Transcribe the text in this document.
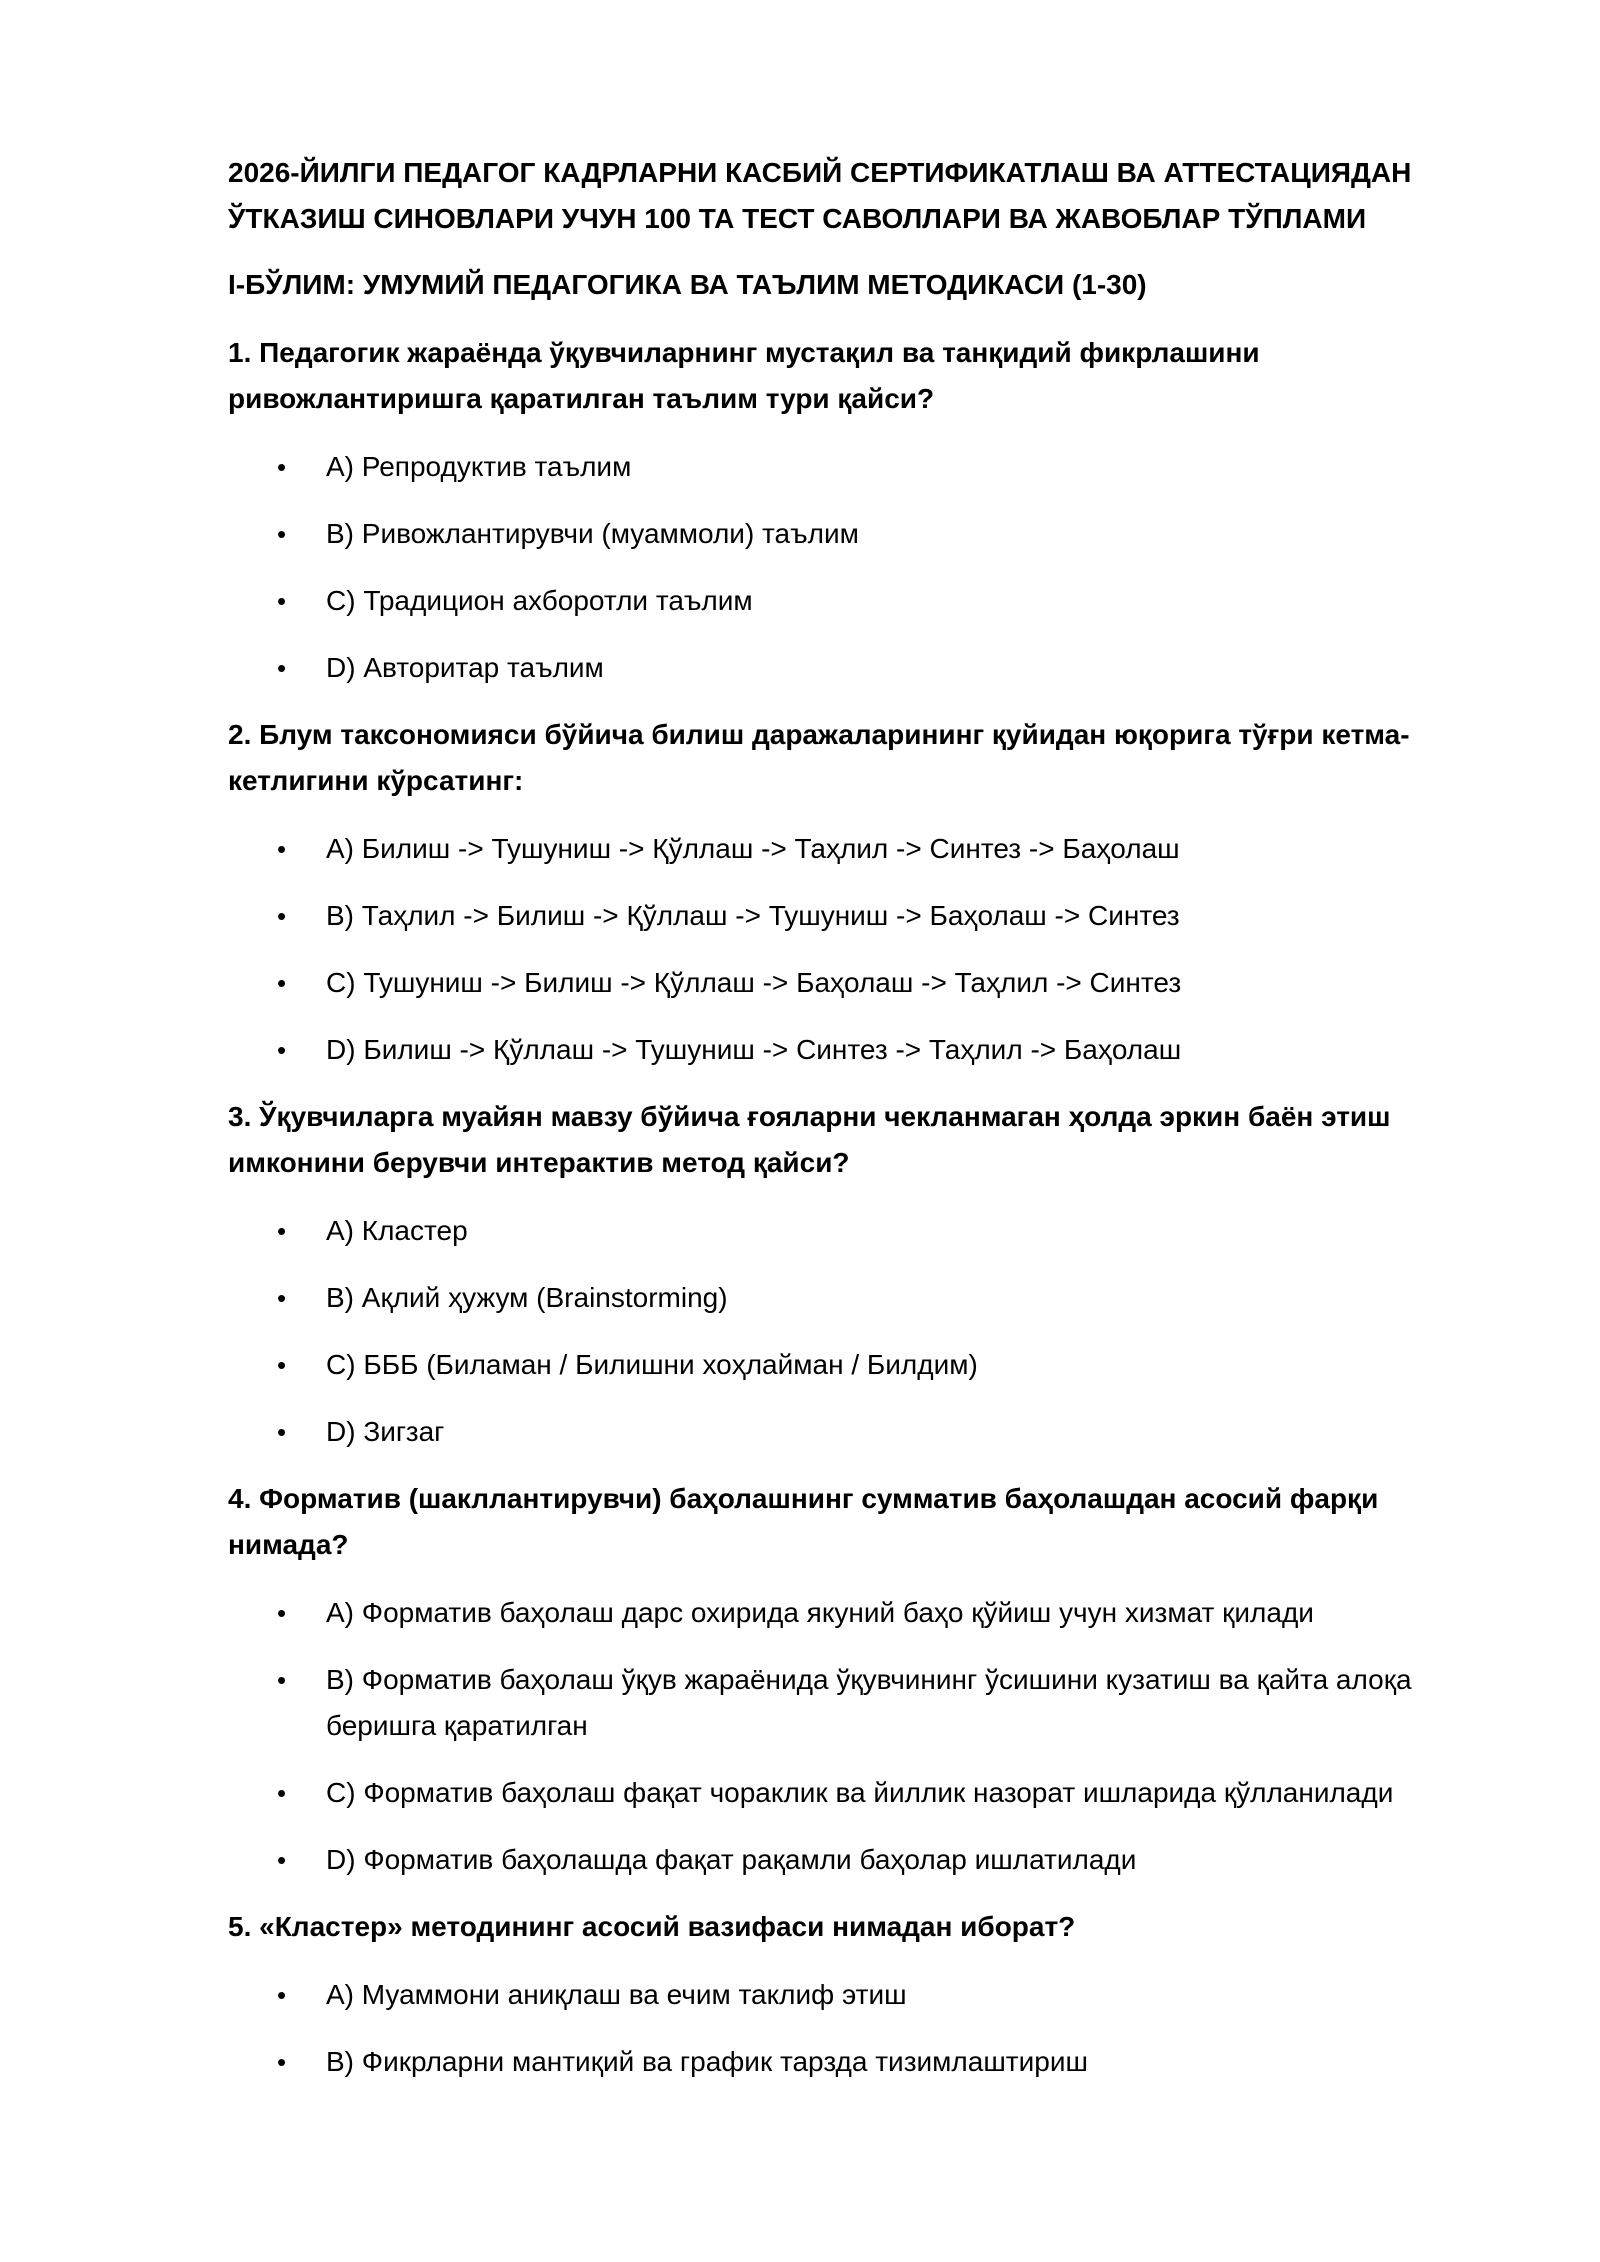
2026-ЙИЛГИ ПЕДАГОГ КАДРЛАРНИ КАСБИЙ СЕРТИФИКАТЛАШ ВА АТТЕСТАЦИЯДАН ЎТКАЗИШ СИНОВЛАРИ УЧУН 100 ТА ТЕСТ САВОЛЛАРИ ВА ЖАВОБЛАР ТЎПЛАМИ
I-БЎЛИМ: УМУМИЙ ПЕДАГОГИКА ВА ТАЪЛИМ МЕТОДИКАСИ (1-30)
1. Педагогик жараёнда ўқувчиларнинг мустақил ва танқидий фикрлашини ривожлантиришга қаратилган таълим тури қайси?
• A) Репродуктив таълим
• B) Ривожлантирувчи (муаммоли) таълим
• C) Традицион ахборотли таълим
• D) Авторитар таълим
2. Блум таксономияси бўйича билиш даражаларининг қуйидан юқорига тўғри кетма-кетлигини кўрсатинг:
• A) Билиш -> Тушуниш -> Қўллаш -> Таҳлил -> Синтез -> Баҳолаш
• B) Таҳлил -> Билиш -> Қўллаш -> Тушуниш -> Баҳолаш -> Синтез
• C) Тушуниш -> Билиш -> Қўллаш -> Баҳолаш -> Таҳлил -> Синтез
• D) Билиш -> Қўллаш -> Тушуниш -> Синтез -> Таҳлил -> Баҳолаш
3. Ўқувчиларга муайян мавзу бўйича ғояларни чекланмаган ҳолда эркин баён этиш имконини берувчи интерактив метод қайси?
• A) Кластер
• B) Ақлий ҳужум (Brainstorming)
• C) БББ (Биламан / Билишни хоҳлайман / Билдим)
• D) Зигзаг
4. Форматив (шакллантирувчи) баҳолашнинг сумматив баҳолашдан асосий фарқи нимада?
• A) Форматив баҳолаш дарс охирида якуний баҳо қўйиш учун хизмат қилади
• B) Форматив баҳолаш ўқув жараёнида ўқувчининг ўсишини кузатиш ва қайта алоқа беришга қаратилган
• C) Форматив баҳолаш фақат чораклик ва йиллик назорат ишларида қўлланилади
• D) Форматив баҳолашда фақат рақамли баҳолар ишлатилади
5. «Кластер» методининг асосий вазифаси нимадан иборат?
• A) Муаммони аниқлаш ва ечим таклиф этиш
• B) Фикрларни мантиқий ва график тарзда тизимлаштириш
